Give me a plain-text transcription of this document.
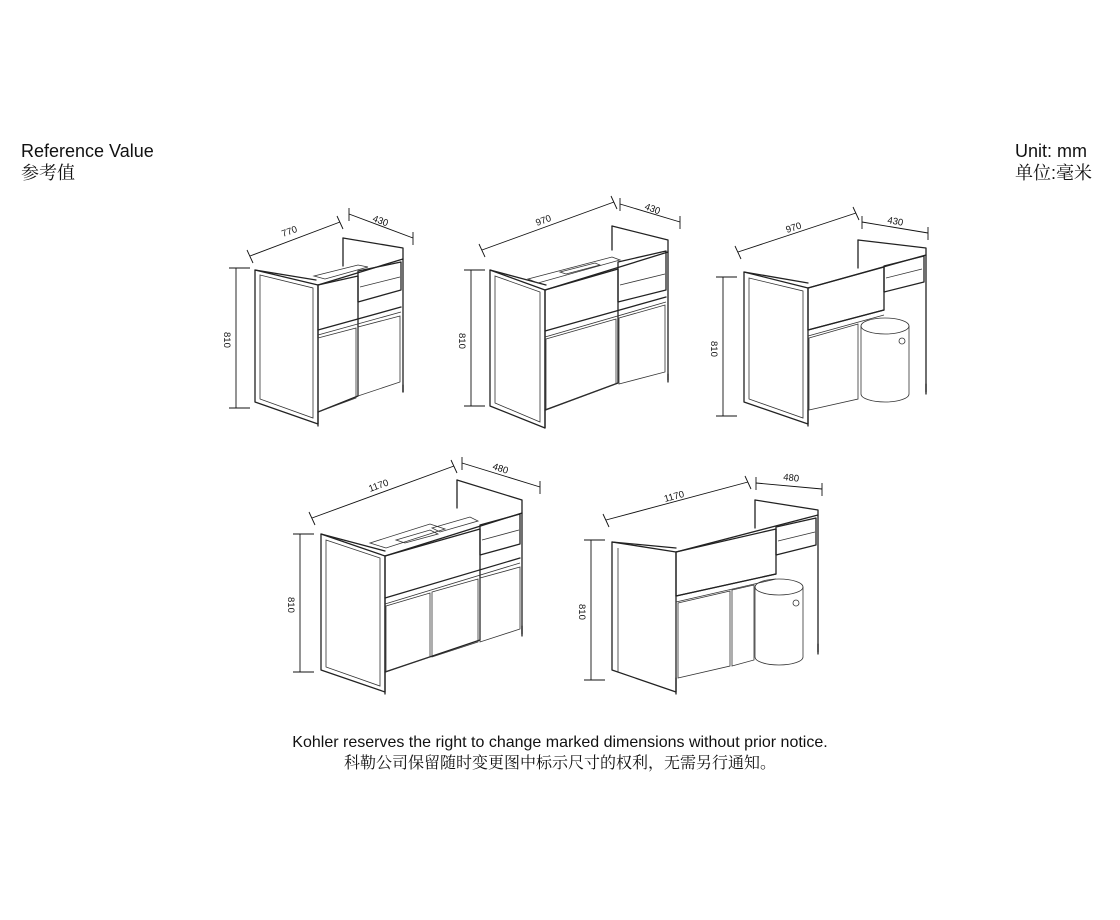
Reference Value
参考值
Unit: mm
单位:毫米
770
430
810
970
430
810
970	430
810
1170
480
810
1170
480
810
Kohler reserves the right to change marked dimensions without prior notice.
科勒公司保留随时变更图中标示尺寸的权利，无需另行通知。
